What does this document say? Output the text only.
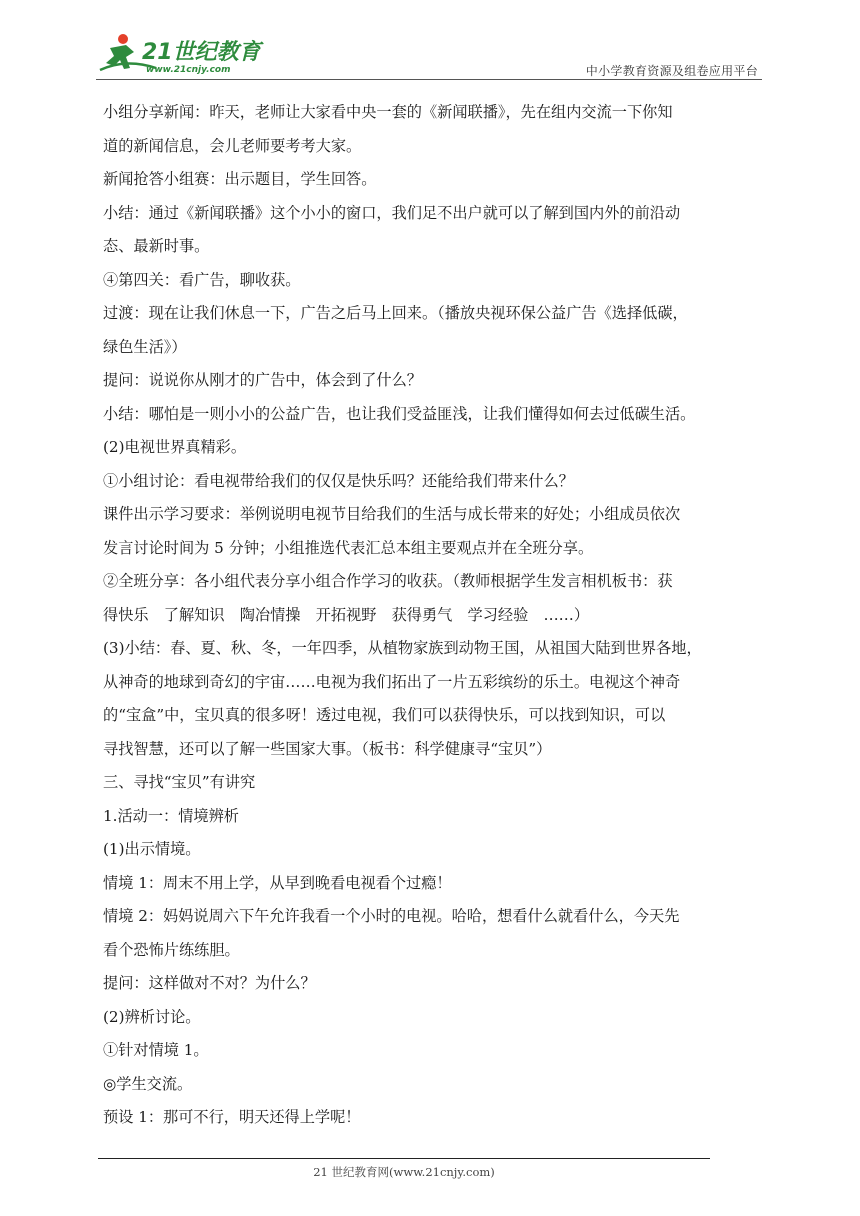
21世纪教育
www.21cnjy.com	中小学教育资源及组卷应用平台
小组分享新闻：昨天，老师让大家看中央一套的《新闻联播》，先在组内交流一下你知
道的新闻信息，会儿老师要考考大家。
新闻抢答小组赛：出示题目，学生回答。
小结：通过《新闻联播》这个小小的窗口，我们足不出户就可以了解到国内外的前沿动
态、最新时事。
④第四关：看广告，聊收获。
过渡：现在让我们休息一下，广告之后马上回来。（播放央视环保公益广告《选择低碳，
绿色生活》）
提问：说说你从刚才的广告中，体会到了什么？
小结：哪怕是一则小小的公益广告，也让我们受益匪浅，让我们懂得如何去过低碳生活。
(2)电视世界真精彩。
①小组讨论：看电视带给我们的仅仅是快乐吗？还能给我们带来什么？
课件出示学习要求：举例说明电视节目给我们的生活与成长带来的好处；小组成员依次
发言讨论时间为 5 分钟；小组推选代表汇总本组主要观点并在全班分享。
②全班分享：各小组代表分享小组合作学习的收获。（教师根据学生发言相机板书：获
得快乐　了解知识　陶冶情操　开拓视野　获得勇气　学习经验　……）
(3)小结：春、夏、秋、冬，一年四季，从植物家族到动物王国，从祖国大陆到世界各地，
从神奇的地球到奇幻的宇宙……电视为我们拓出了一片五彩缤纷的乐土。电视这个神奇
的“宝盒”中，宝贝真的很多呀！透过电视，我们可以获得快乐，可以找到知识，可以
寻找智慧，还可以了解一些国家大事。（板书：科学健康寻“宝贝”）
三、寻找“宝贝”有讲究
1.活动一：情境辨析
(1)出示情境。
情境 1：周末不用上学，从早到晚看电视看个过瘾！
情境 2：妈妈说周六下午允许我看一个小时的电视。哈哈，想看什么就看什么，今天先
看个恐怖片练练胆。
提问：这样做对不对？为什么？
(2)辨析讨论。
①针对情境 1。
◎学生交流。
预设 1：那可不行，明天还得上学呢！
21 世纪教育网(www.21cnjy.com)
